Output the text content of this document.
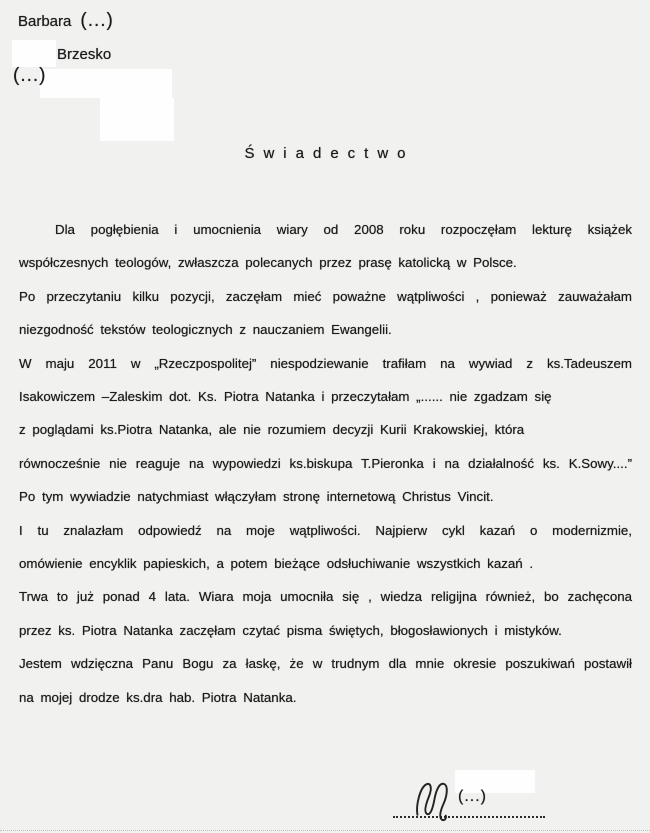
Barbara (...)
Brzesko
(...)
Świadectwo
Dla pogłębienia i umocnienia wiary od 2008 roku rozpoczęłam lekturę książek
współczesnych teologów, zwłaszcza polecanych przez prasę katolicką w Polsce.
Po przeczytaniu kilku pozycji, zaczęłam mieć poważne wątpliwości , ponieważ zauważałam
niezgodność tekstów teologicznych z nauczaniem Ewangelii.
W maju 2011 w „Rzeczpospolitej” niespodziewanie trafiłam na wywiad z ks.Tadeuszem
Isakowiczem –Zaleskim dot. Ks. Piotra Natanka i przeczytałam „...... nie zgadzam się
z poglądami ks.Piotra Natanka, ale nie rozumiem decyzji Kurii Krakowskiej, która
równocześnie nie reaguje na wypowiedzi ks.biskupa T.Pieronka i na działalność ks. K.Sowy....”
Po tym wywiadzie natychmiast włączyłam stronę internetową Christus Vincit.
I tu znalazłam odpowiedź na moje wątpliwości. Najpierw cykl kazań o modernizmie,
omówienie encyklik papieskich, a potem bieżące odsłuchiwanie wszystkich kazań .
Trwa to już ponad 4 lata. Wiara moja umocniła się , wiedza religijna również, bo zachęcona
przez ks. Piotra Natanka zaczęłam czytać pisma świętych, błogosławionych i mistyków.
Jestem wdzięczna Panu Bogu za łaskę, że w trudnym dla mnie okresie poszukiwań postawił
na mojej drodze ks.dra hab. Piotra Natanka.
(...)
